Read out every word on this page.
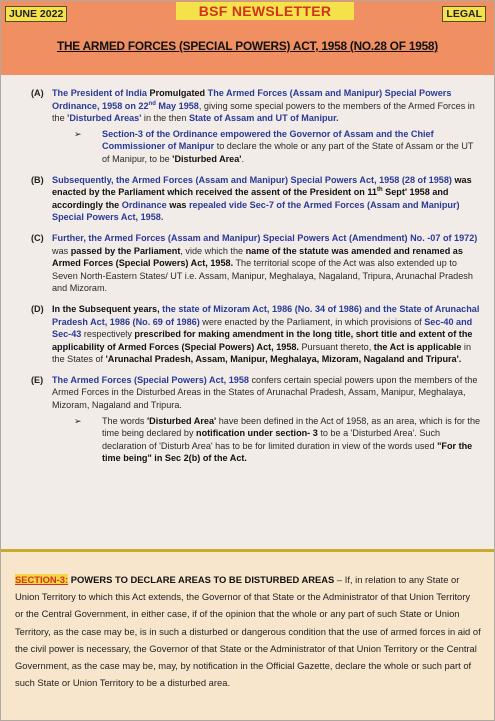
JUNE 2022	BSF NEWSLETTER	LEGAL
THE ARMED FORCES (SPECIAL POWERS) ACT, 1958 (NO.28 OF 1958)
(A) The President of India Promulgated The Armed Forces (Assam and Manipur) Special Powers Ordinance, 1958 on 22nd May 1958, giving some special powers to the members of the Armed Forces in the 'Disturbed Areas' in the then State of Assam and UT of Manipur.
➢ Section-3 of the Ordinance empowered the Governor of Assam and the Chief Commissioner of Manipur to declare the whole or any part of the State of Assam or the UT of Manipur, to be 'Disturbed Area'.
(B) Subsequently, the Armed Forces (Assam and Manipur) Special Powers Act, 1958 (28 of 1958) was enacted by the Parliament which received the assent of the President on 11th Sept' 1958 and accordingly the Ordinance was repealed vide Sec-7 of the Armed Forces (Assam and Manipur) Special Powers Act, 1958.
(C) Further, the Armed Forces (Assam and Manipur) Special Powers Act (Amendment) No. -07 of 1972) was passed by the Parliament, vide which the name of the statute was amended and renamed as Armed Forces (Special Powers) Act, 1958. The territorial scope of the Act was also extended up to Seven North-Eastern States/ UT i.e. Assam, Manipur, Meghalaya, Nagaland, Tripura, Arunachal Pradesh and Mizoram.
(D) In the Subsequent years, the state of Mizoram Act, 1986 (No. 34 of 1986) and the State of Arunachal Pradesh Act, 1986 (No. 69 of 1986) were enacted by the Parliament, in which provisions of Sec-40 and Sec-43 respectively prescribed for making amendment in the long title, short title and extent of the applicability of Armed Forces (Special Powers) Act, 1958. Pursuant thereto, the Act is applicable in the States of 'Arunachal Pradesh, Assam, Manipur, Meghalaya, Mizoram, Nagaland and Tripura'.
(E) The Armed Forces (Special Powers) Act, 1958 confers certain special powers upon the members of the Armed Forces in the Disturbed Areas in the States of Arunachal Pradesh, Assam, Manipur, Meghalaya, Mizoram, Nagaland and Tripura.
➢ The words 'Disturbed Area' have been defined in the Act of 1958, as an area, which is for the time being declared by notification under section- 3 to be a 'Disturbed Area'. Such declaration of 'Disturb Area' has to be for limited duration in view of the words used "For the time being" in Sec 2(b) of the Act.
SECTION-3: POWERS TO DECLARE AREAS TO BE DISTURBED AREAS – If, in relation to any State or Union Territory to which this Act extends, the Governor of that State or the Administrator of that Union Territory or the Central Government, in either case, if of the opinion that the whole or any part of such State or Union Territory, as the case may be, is in such a disturbed or dangerous condition that the use of armed forces in aid of the civil power is necessary, the Governor of that State or the Administrator of that Union Territory or the Central Government, as the case may be, may, by notification in the Official Gazette, declare the whole or such part of such State or Union Territory to be a disturbed area.
